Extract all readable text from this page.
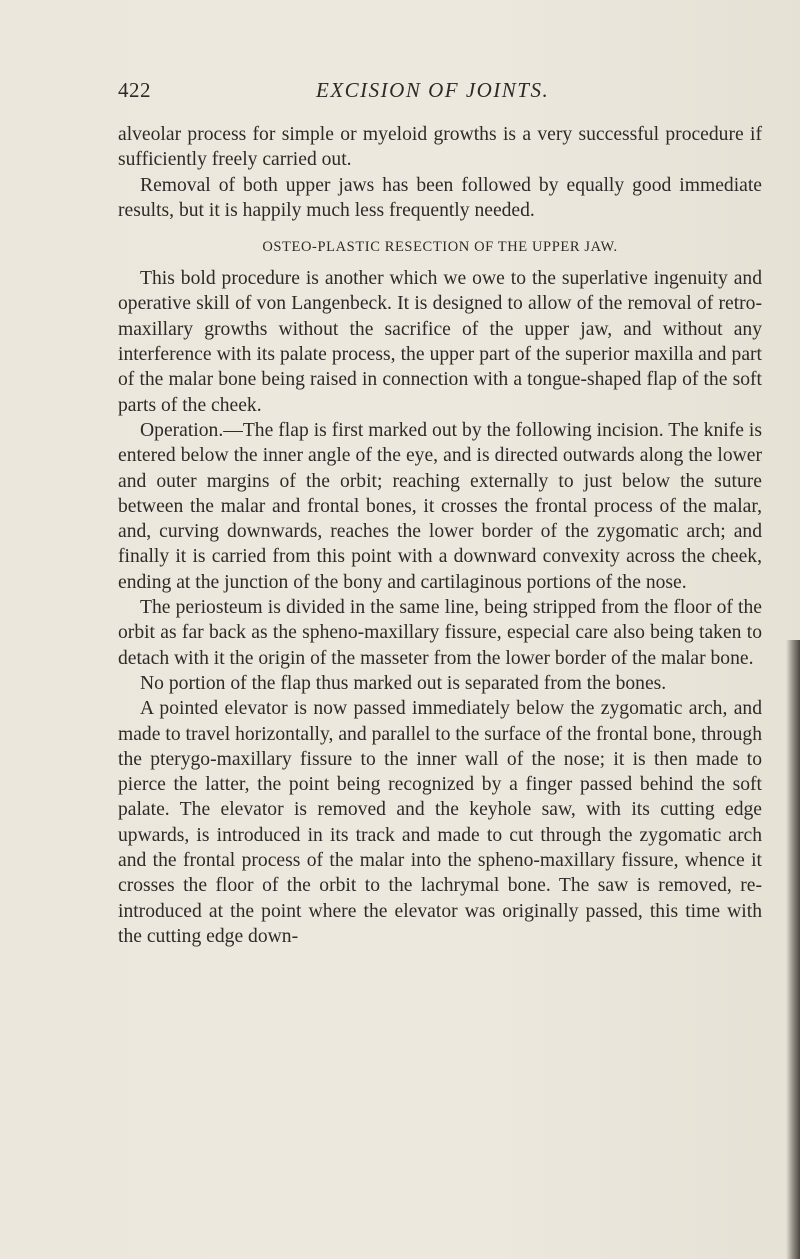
422	EXCISION OF JOINTS.

alveolar process for simple or myeloid growths is a very successful procedure if sufficiently freely carried out.

Removal of both upper jaws has been followed by equally good immediate results, but it is happily much less frequently needed.

OSTEO-PLASTIC RESECTION OF THE UPPER JAW.

This bold procedure is another which we owe to the superlative ingenuity and operative skill of von Langenbeck. It is designed to allow of the removal of retro-maxillary growths without the sacrifice of the upper jaw, and without any interference with its palate process, the upper part of the superior maxilla and part of the malar bone being raised in connection with a tongue-shaped flap of the soft parts of the cheek.

Operation.—The flap is first marked out by the following incision. The knife is entered below the inner angle of the eye, and is directed outwards along the lower and outer margins of the orbit; reaching externally to just below the suture between the malar and frontal bones, it crosses the frontal process of the malar, and, curving downwards, reaches the lower border of the zygomatic arch; and finally it is carried from this point with a downward convexity across the cheek, ending at the junction of the bony and cartilaginous portions of the nose.

The periosteum is divided in the same line, being stripped from the floor of the orbit as far back as the spheno-maxillary fissure, especial care also being taken to detach with it the origin of the masseter from the lower border of the malar bone.

No portion of the flap thus marked out is separated from the bones.

A pointed elevator is now passed immediately below the zygomatic arch, and made to travel horizontally, and parallel to the surface of the frontal bone, through the pterygo-maxillary fissure to the inner wall of the nose; it is then made to pierce the latter, the point being recognized by a finger passed behind the soft palate. The elevator is removed and the keyhole saw, with its cutting edge upwards, is introduced in its track and made to cut through the zygomatic arch and the frontal process of the malar into the spheno-maxillary fissure, whence it crosses the floor of the orbit to the lachrymal bone. The saw is removed, re-introduced at the point where the elevator was originally passed, this time with the cutting edge down-
